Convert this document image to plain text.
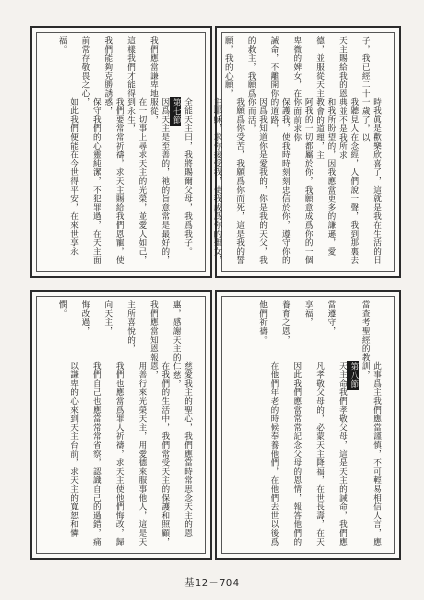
時我眞是歡樂欣喜了，這就是我在生活的日子，我已經二十一歲了，以
我聽見人在念經，人們說一聲，我到那裏去天主賜給我的恩典並不是我所求
和我所盼望的，因我應當更多的謙遜，愛德，並服從天主教會的道理，主
阿我的一切都屬於你，我願意成爲你的一個卑微的婢女，在你面前求你
保護我，使我時時刻刻忠信於你，遵守你的誡命，不離開你的道路，
因爲我知道你是愛我的，你是我的天父，我的救主，我願爲你而活，
我願爲你受苦，我願爲你而死，這是我的誓願，我的心願，
主耶穌，求你接受我，使我成爲你的聖女，

全能天主曰，我將賜爾父母，我爲我子。
第七節
因爲天主是至善的，祂的旨意常是最好的，我們應當謙卑地服從，
在一切事上尋求天主的光榮，並愛人如己，這樣我們才能得到永生，
我們要常常祈禱，求天主賜給我們恩寵，使我們能夠克勝誘惑，
保守我們的心靈純潔，不犯罪過，在天主面前常存敬畏之心，
如此我們便能在今世得平安，在來世享永福。

此事爲主我們應當謹慎，不可輕易相信人言，應當查考聖經的教訓，
第八節
天主命我們孝敬父母，這是天主的誡命，我們應當遵守，
凡孝敬父母的，必蒙天主降福，在世長壽，在天享福，
因此我們應當常常記念父母的恩情，報答他們的養育之恩，
在他們年老的時候奉養他們，在他們去世以後爲他們祈禱。

慈愛我主的聖心，我們應當時常思念天主的恩惠，感謝天主的仁慈，
在我們的生活中，我們常受天主的保護和照顧，我們應當知恩報恩，
用善行來光榮天主，用愛德來服事他人，這是天主所喜悅的，
我們也應當爲罪人祈禱，求天主使他們悔改，歸向天主，
我們自己也應當常常省察，認識自己的過錯，痛悔改過，
以謙卑的心來到天主台前，求天主的寬恕和憐憫。

基12－704
